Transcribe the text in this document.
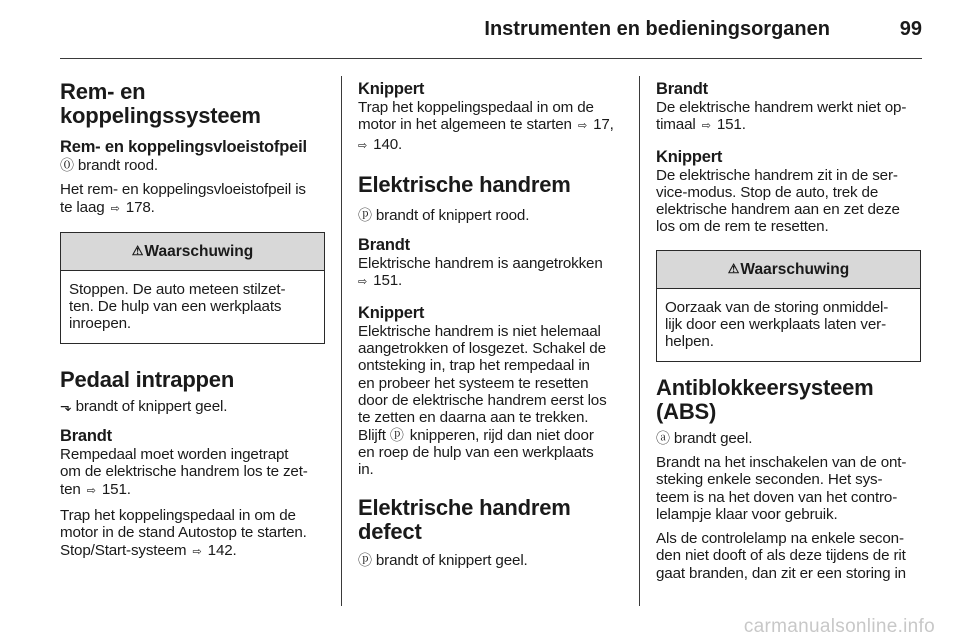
Instrumenten en bedieningsorganen	99
Rem- en
koppelingssysteem
Rem- en koppelingsvloeistofpeil

⓪ brandt rood.

Het rem- en koppelingsvloeistofpeil is
te laag ⇨ 178.

⚠Waarschuwing

Stoppen. De auto meteen stilzet-
ten. De hulp van een werkplaats
inroepen.

Pedaal intrappen

⬎ brandt of knippert geel.

Brandt

Rempedaal moet worden ingetrapt
om de elektrische handrem los te zet-
ten ⇨ 151.

Trap het koppelingspedaal in om de
motor in de stand Autostop te starten.
Stop/Start-systeem ⇨ 142.

Knippert

Trap het koppelingspedaal in om de
motor in het algemeen te starten ⇨ 17,
⇨ 140.

Elektrische handrem

ⓟ brandt of knippert rood.

Brandt

Elektrische handrem is aangetrokken
⇨ 151.

Knippert

Elektrische handrem is niet helemaal
aangetrokken of losgezet. Schakel de
ontsteking in, trap het rempedaal in
en probeer het systeem te resetten
door de elektrische handrem eerst los
te zetten en daarna aan te trekken.
Blijft ⓟ knipperen, rijd dan niet door
en roep de hulp van een werkplaats
in.

Elektrische handrem
defect

ⓟ brandt of knippert geel.

Brandt

De elektrische handrem werkt niet op-
timaal ⇨ 151.

Knippert

De elektrische handrem zit in de ser-
vice-modus. Stop de auto, trek de
elektrische handrem aan en zet deze
los om de rem te resetten.

⚠Waarschuwing

Oorzaak van de storing onmiddel-
lijk door een werkplaats laten ver-
helpen.

Antiblokkeersysteem
(ABS)

ⓐ brandt geel.

Brandt na het inschakelen van de ont-
steking enkele seconden. Het sys-
teem is na het doven van het contro-
lelampje klaar voor gebruik.

Als de controlelamp na enkele secon-
den niet dooft of als deze tijdens de rit
gaat branden, dan zit er een storing in

carmanualsonline.info
